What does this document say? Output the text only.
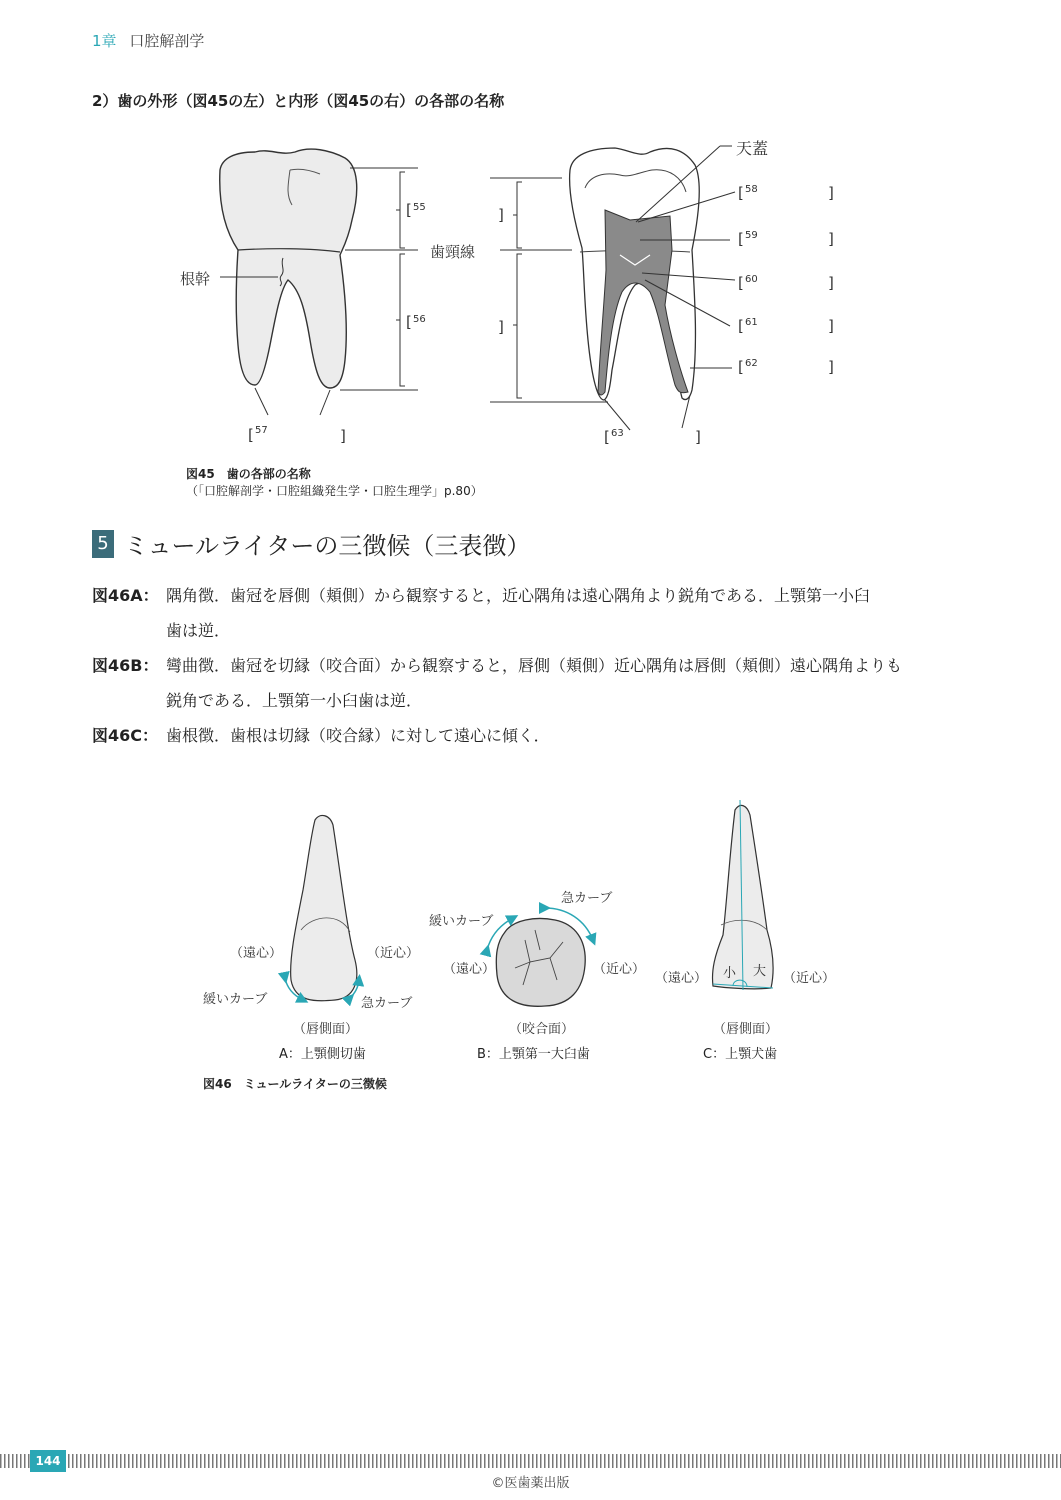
1章 口腔解剖学
2）歯の外形（図45の左）と内形（図45の右）の各部の名称
根幹
歯頸線
天蓋
[ 55	]
[ 56	]
[ 57	]
[ 58	]
[ 59	]
[ 60	]
[ 61	]
[ 62	]
[ 63	]
図45　歯の各部の名称
（「口腔解剖学・口腔組織発生学・口腔生理学」p.80）
5 ミュールライターの三徴候（三表徴）
図46A： 隅角徴．歯冠を唇側（頬側）から観察すると，近心隅角は遠心隅角より鋭角である．上顎第一小臼
歯は逆．
図46B： 彎曲徴．歯冠を切縁（咬合面）から観察すると，唇側（頬側）近心隅角は唇側（頬側）遠心隅角よりも
鋭角である．上顎第一小臼歯は逆．
図46C： 歯根徴．歯根は切縁（咬合縁）に対して遠心に傾く．
（遠心）	（近心）
緩いカーブ	急カーブ
（唇側面）
A：上顎側切歯
急カーブ
緩いカーブ
（遠心）	（近心）
（咬合面）
B：上顎第一大臼歯
小 大
（遠心）	（近心）
（唇側面）
C：上顎犬歯
図46　ミュールライターの三徴候
144
©医歯薬出版
